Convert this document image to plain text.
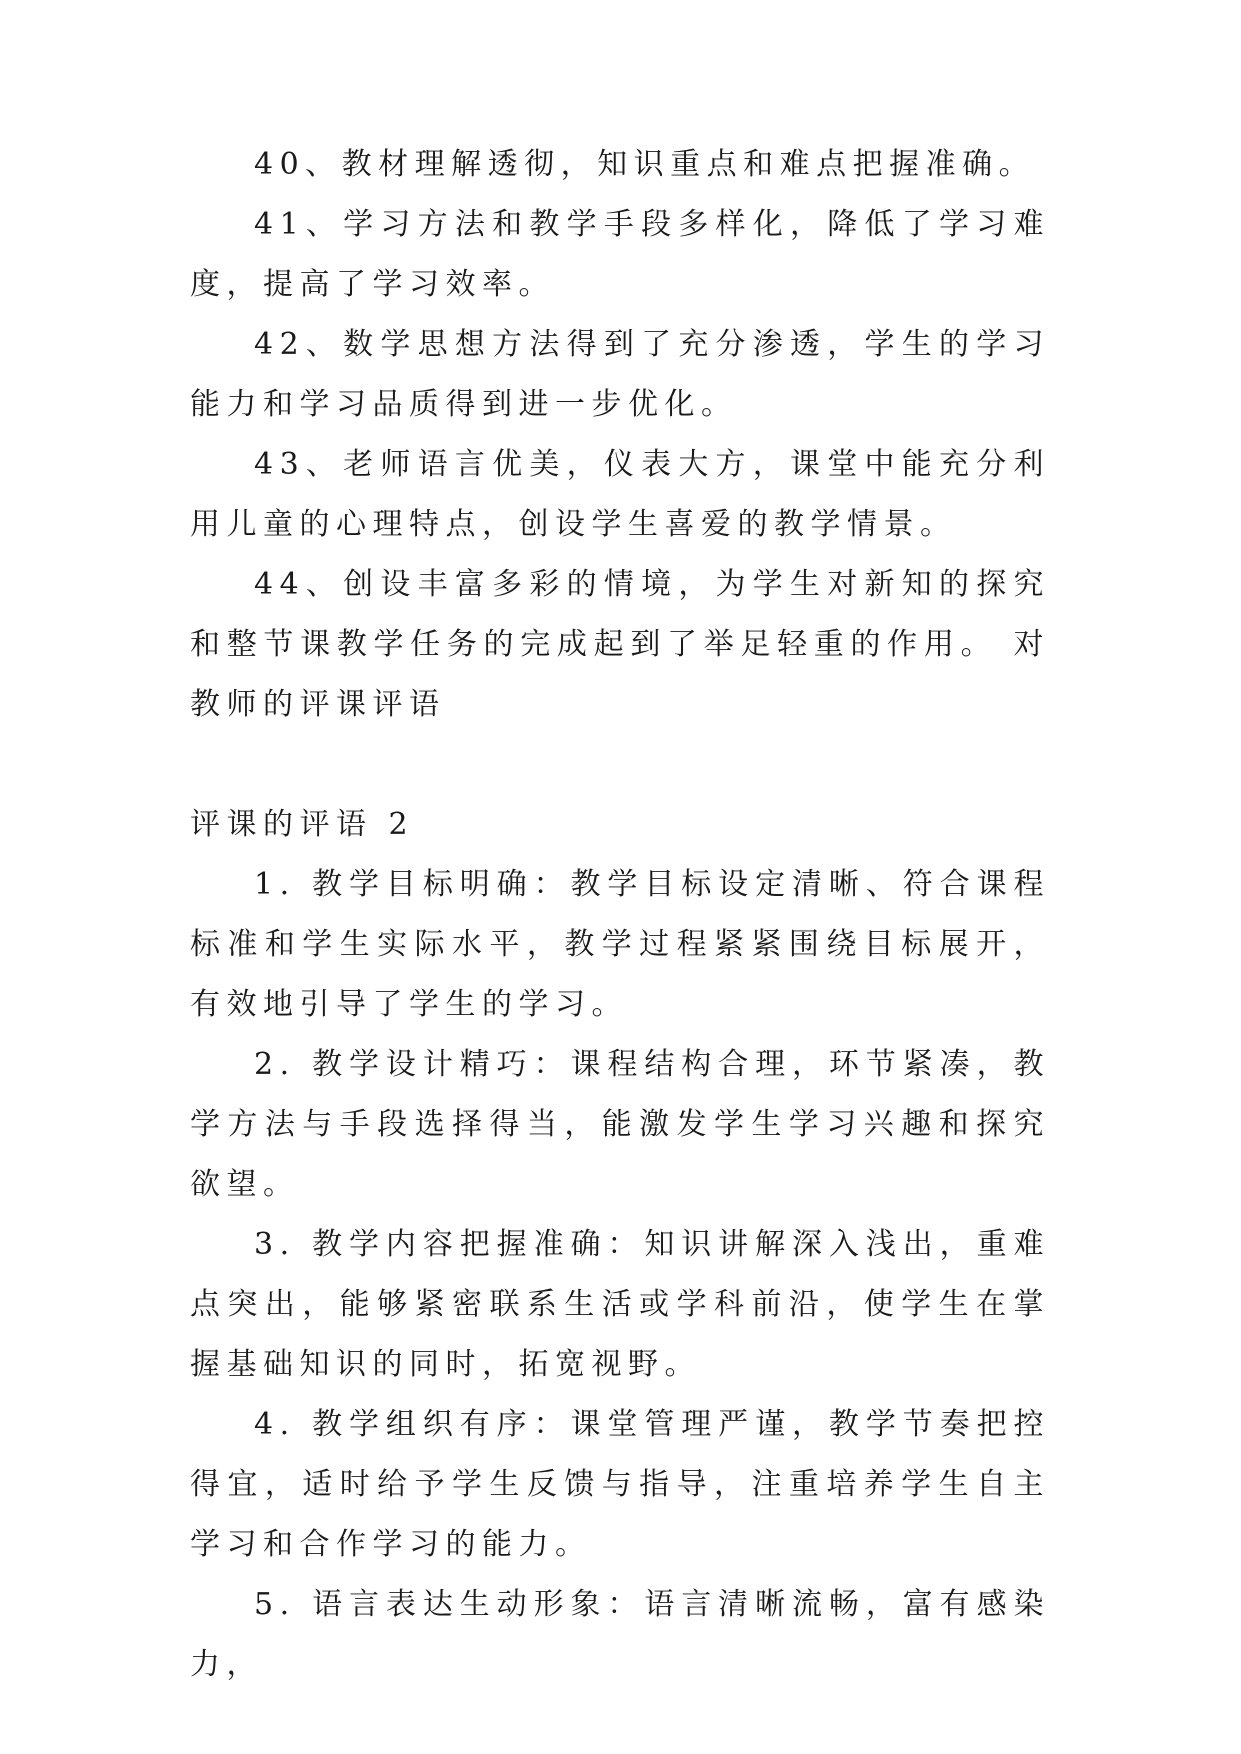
40、教材理解透彻，知识重点和难点把握准确。

41、学习方法和教学手段多样化，降低了学习难度，提高了学习效率。

42、数学思想方法得到了充分渗透，学生的学习能力和学习品质得到进一步优化。

43、老师语言优美，仪表大方，课堂中能充分利用儿童的心理特点，创设学生喜爱的教学情景。

44、创设丰富多彩的情境，为学生对新知的探究和整节课教学任务的完成起到了举足轻重的作用。 对教师的评课评语

评课的评语 2

1. 教学目标明确：教学目标设定清晰、符合课程标准和学生实际水平，教学过程紧紧围绕目标展开，有效地引导了学生的学习。

2. 教学设计精巧：课程结构合理，环节紧凑，教学方法与手段选择得当，能激发学生学习兴趣和探究欲望。

3. 教学内容把握准确：知识讲解深入浅出，重难点突出，能够紧密联系生活或学科前沿，使学生在掌握基础知识的同时，拓宽视野。

4. 教学组织有序：课堂管理严谨，教学节奏把控得宜，适时给予学生反馈与指导，注重培养学生自主学习和合作学习的能力。

5. 语言表达生动形象：语言清晰流畅，富有感染力，
